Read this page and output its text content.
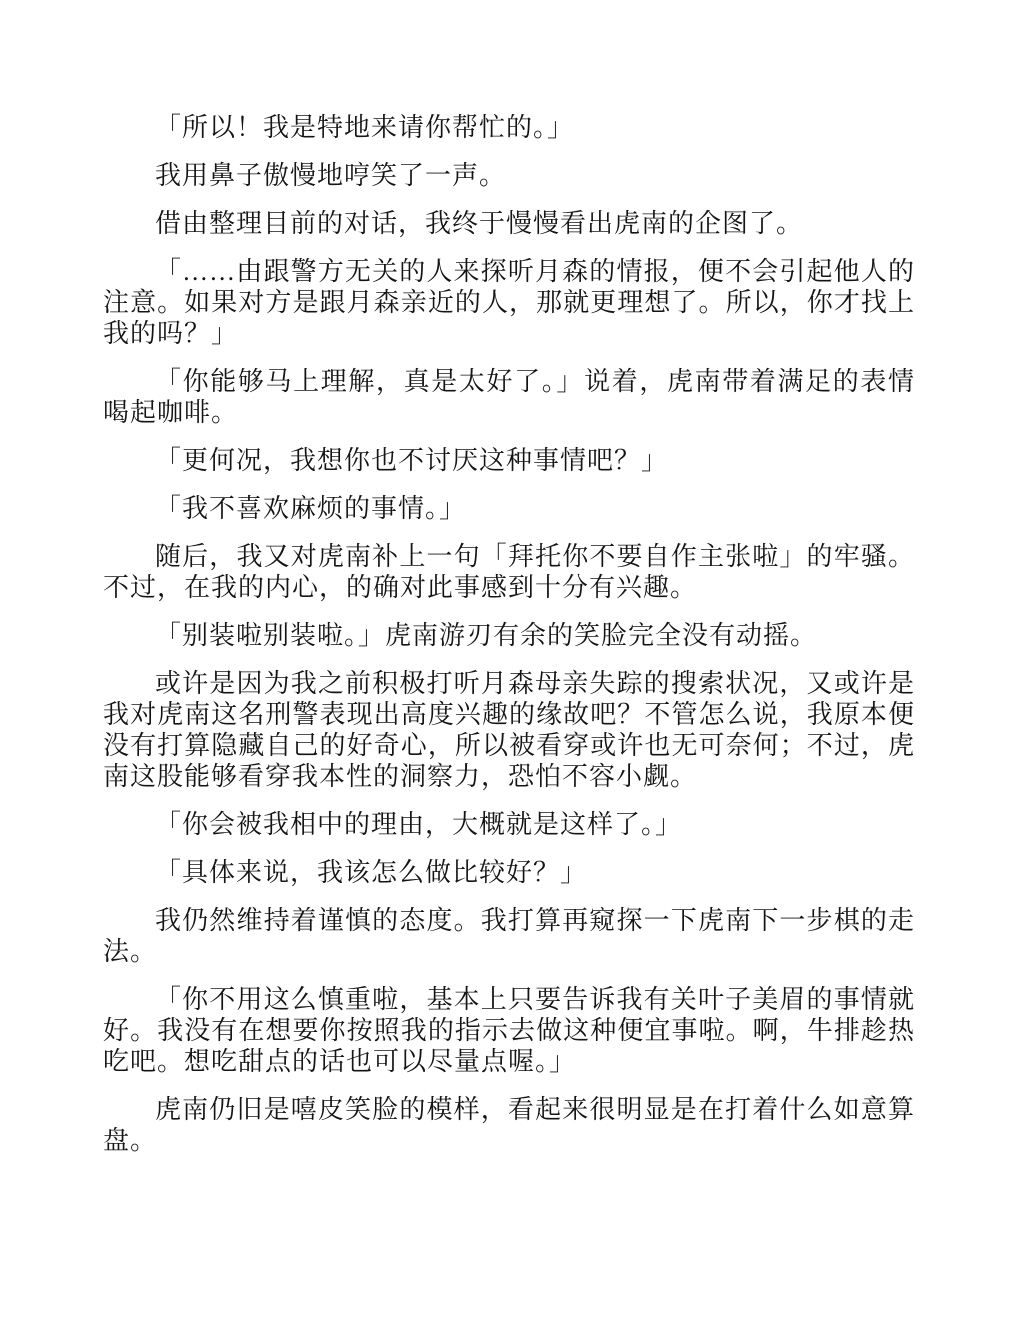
「所以！我是特地来请你帮忙的。」

我用鼻子傲慢地哼笑了一声。

借由整理目前的对话，我终于慢慢看出虎南的企图了。

「……由跟警方无关的人来探听月森的情报，便不会引起他人的注意。如果对方是跟月森亲近的人，那就更理想了。所以，你才找上我的吗？」

「你能够马上理解，真是太好了。」说着，虎南带着满足的表情喝起咖啡。

「更何况，我想你也不讨厌这种事情吧？」

「我不喜欢麻烦的事情。」

随后，我又对虎南补上一句「拜托你不要自作主张啦」的牢骚。不过，在我的内心，的确对此事感到十分有兴趣。

「别装啦别装啦。」虎南游刃有余的笑脸完全没有动摇。

或许是因为我之前积极打听月森母亲失踪的搜索状况，又或许是我对虎南这名刑警表现出高度兴趣的缘故吧？不管怎么说，我原本便没有打算隐藏自己的好奇心，所以被看穿或许也无可奈何；不过，虎南这股能够看穿我本性的洞察力，恐怕不容小觑。

「你会被我相中的理由，大概就是这样了。」

「具体来说，我该怎么做比较好？」

我仍然维持着谨慎的态度。我打算再窥探一下虎南下一步棋的走法。

「你不用这么慎重啦，基本上只要告诉我有关叶子美眉的事情就好。我没有在想要你按照我的指示去做这种便宜事啦。啊，牛排趁热吃吧。想吃甜点的话也可以尽量点喔。」

虎南仍旧是嘻皮笑脸的模样，看起来很明显是在打着什么如意算盘。
